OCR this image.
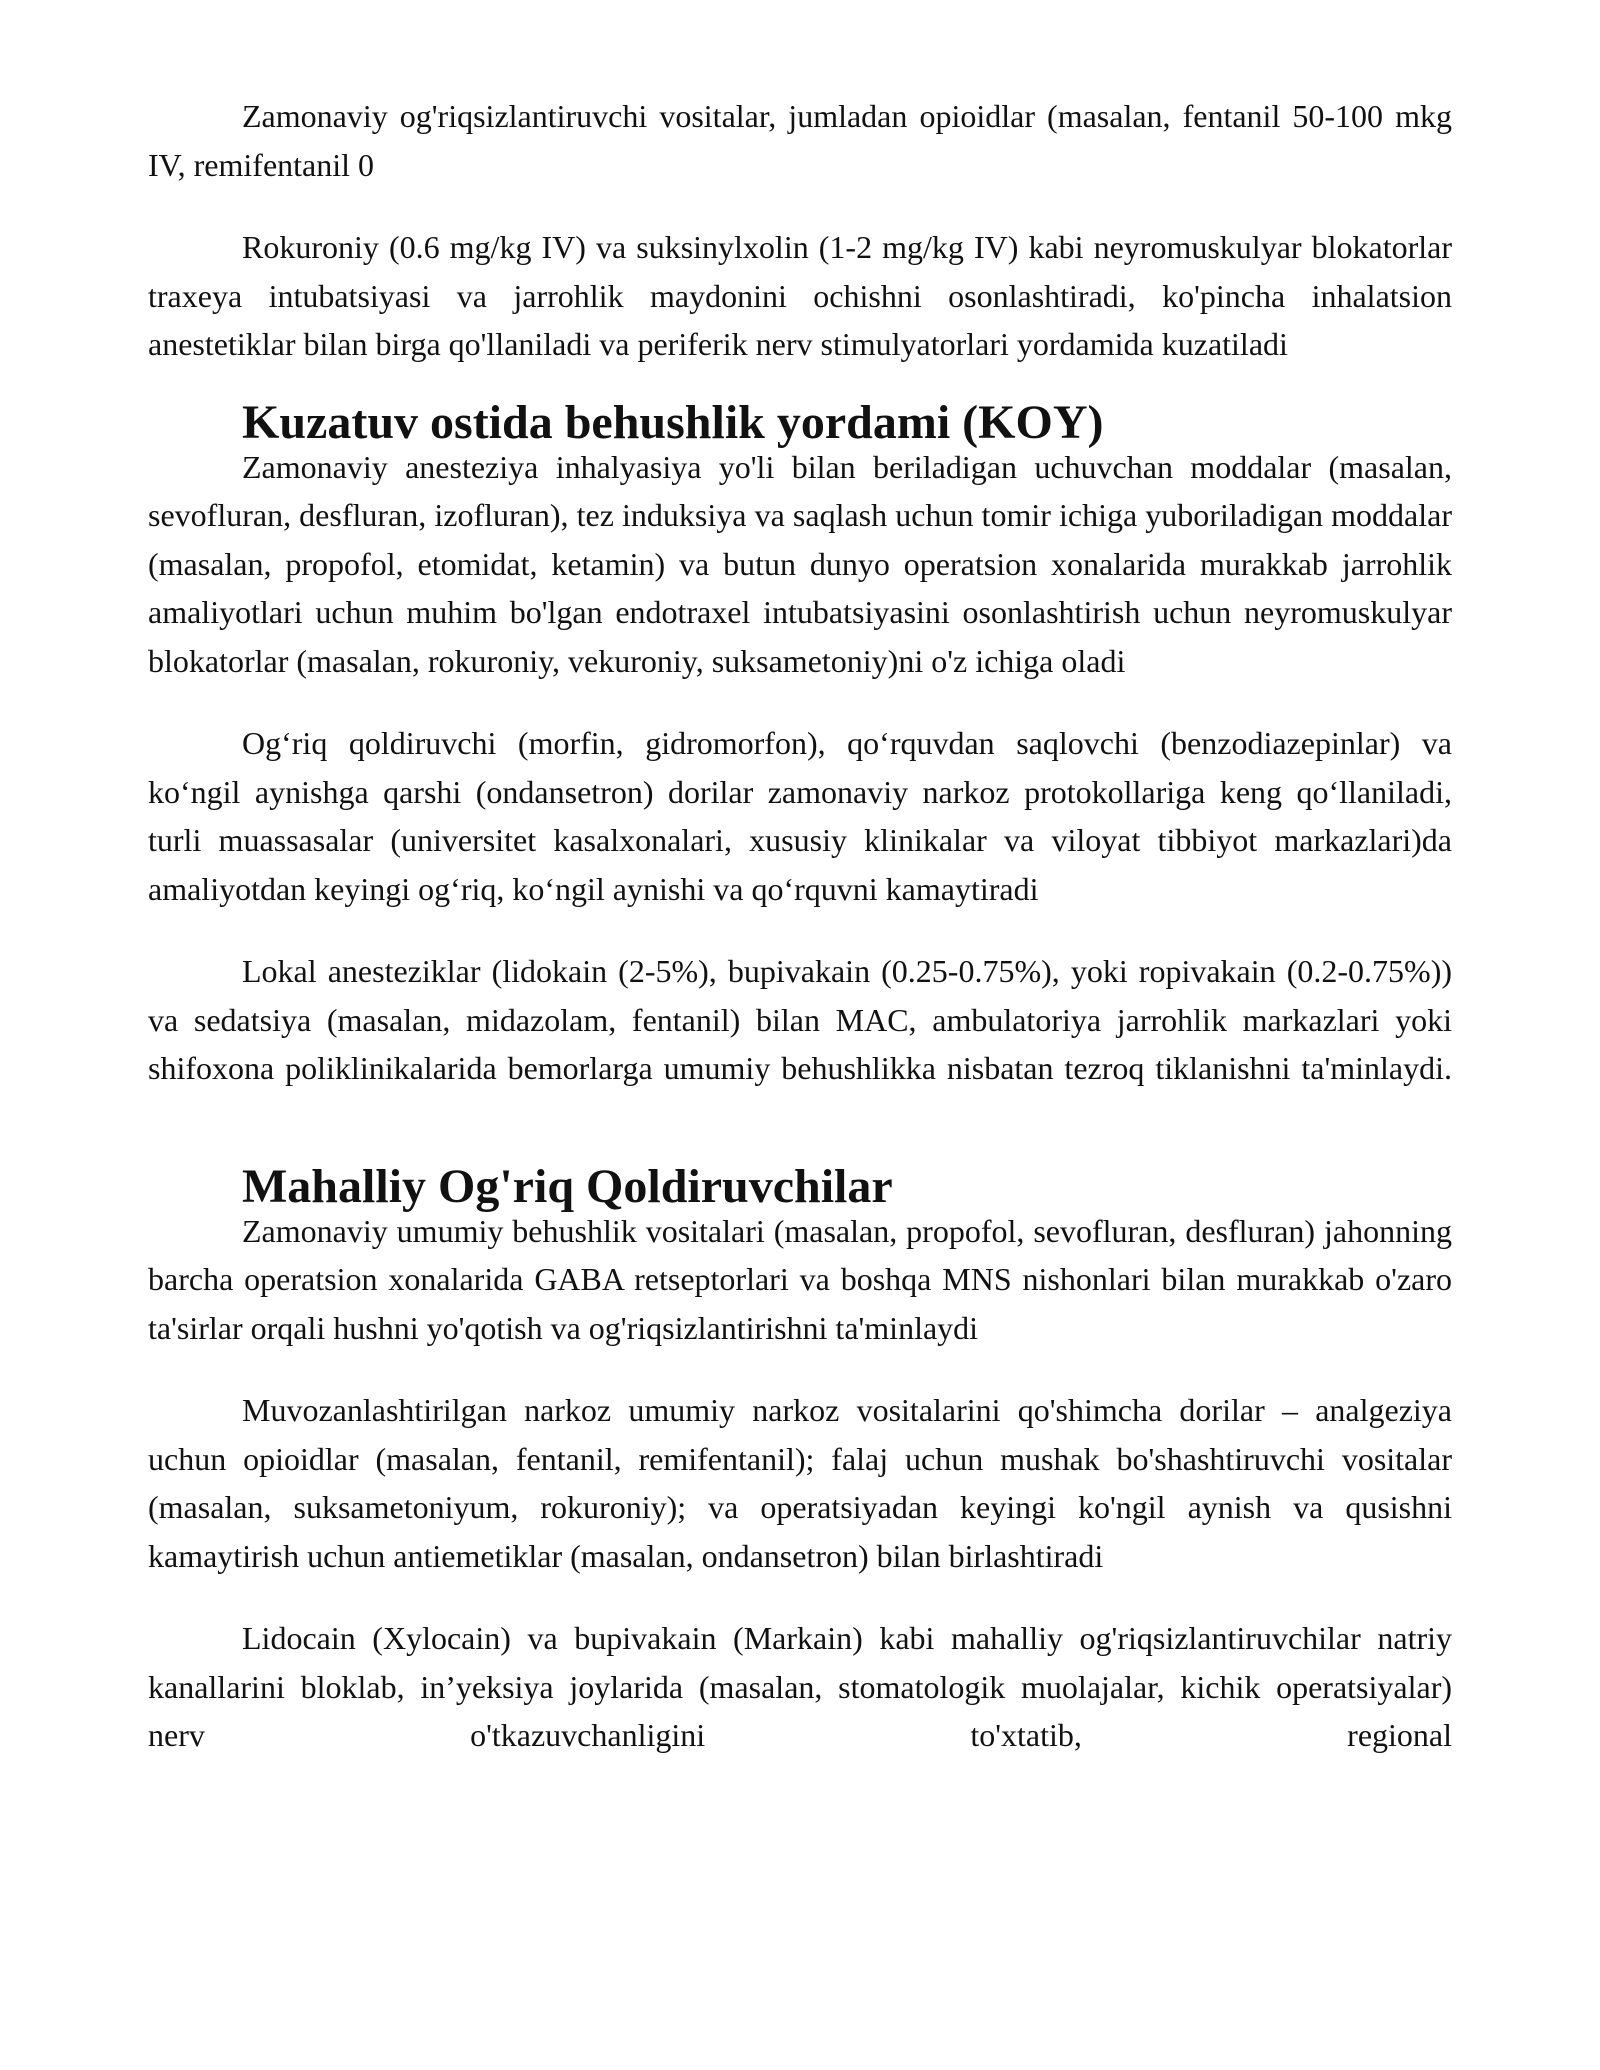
Zamonaviy og'riqsizlantiruvchi vositalar, jumladan opioidlar (masalan, fentanil 50-100 mkg IV, remifentanil 0

Rokuroniy (0.6 mg/kg IV) va suksinylxolin (1-2 mg/kg IV) kabi neyromuskulyar blokatorlar traxeya intubatsiyasi va jarrohlik maydonini ochishni osonlashtiradi, ko'pincha inhalatsion anestetiklar bilan birga qo'llaniladi va periferik nerv stimulyatorlari yordamida kuzatiladi

Kuzatuv ostida behushlik yordami (KOY)

Zamonaviy anesteziya inhalyasiya yo'li bilan beriladigan uchuvchan moddalar (masalan, sevofluran, desfluran, izofluran), tez induksiya va saqlash uchun tomir ichiga yuboriladigan moddalar (masalan, propofol, etomidat, ketamin) va butun dunyo operatsion xonalarida murakkab jarrohlik amaliyotlari uchun muhim bo'lgan endotraxel intubatsiyasini osonlashtirish uchun neyromuskulyar blokatorlar (masalan, rokuroniy, vekuroniy, suksametoniy)ni o'z ichiga oladi

Og‘riq qoldiruvchi (morfin, gidromorfon), qo‘rquvdan saqlovchi (benzodiazepinlar) va ko‘ngil aynishga qarshi (ondansetron) dorilar zamonaviy narkoz protokollariga keng qo‘llaniladi, turli muassasalar (universitet kasalxonalari, xususiy klinikalar va viloyat tibbiyot markazlari)da amaliyotdan keyingi og‘riq, ko‘ngil aynishi va qo‘rquvni kamaytiradi

Lokal anesteziklar (lidokain (2-5%), bupivakain (0.25-0.75%), yoki ropivakain (0.2-0.75%)) va sedatsiya (masalan, midazolam, fentanil) bilan MAC, ambulatoriya jarrohlik markazlari yoki shifoxona poliklinikalarida bemorlarga umumiy behushlikka nisbatan tezroq tiklanishni ta'minlaydi.

Mahalliy Og'riq Qoldiruvchilar

Zamonaviy umumiy behushlik vositalari (masalan, propofol, sevofluran, desfluran) jahonning barcha operatsion xonalarida GABA retseptorlari va boshqa MNS nishonlari bilan murakkab o'zaro ta'sirlar orqali hushni yo'qotish va og'riqsizlantirishni ta'minlaydi

Muvozanlashtirilgan narkoz umumiy narkoz vositalarini qo'shimcha dorilar – analgeziya uchun opioidlar (masalan, fentanil, remifentanil); falaj uchun mushak bo'shashtiruvchi vositalar (masalan, suksametoniyum, rokuroniy); va operatsiyadan keyingi ko'ngil aynish va qusishni kamaytirish uchun antiemetiklar (masalan, ondansetron) bilan birlashtiradi

Lidocain (Xylocain) va bupivakain (Markain) kabi mahalliy og'riqsizlantiruvchilar natriy kanallarini bloklab, in’yeksiya joylarida (masalan, stomatologik muolajalar, kichik operatsiyalar) nerv o'tkazuvchanligini to'xtatib, regional
